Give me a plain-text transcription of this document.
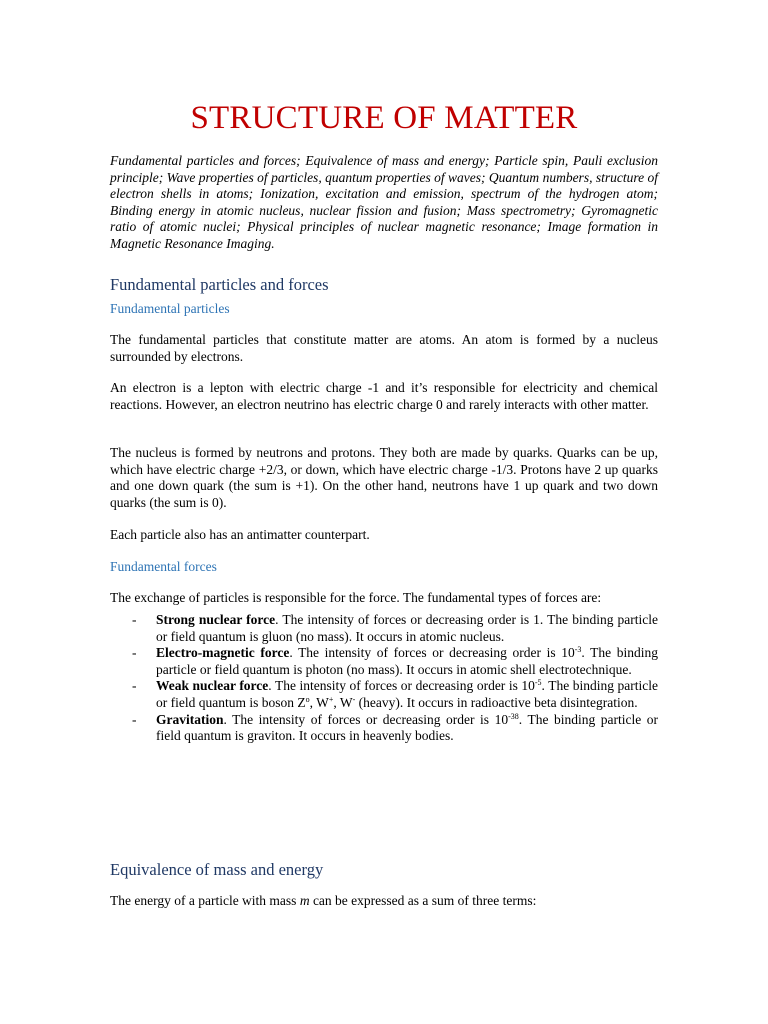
STRUCTURE OF MATTER
Fundamental particles and forces; Equivalence of mass and energy; Particle spin, Pauli exclusion principle; Wave properties of particles, quantum properties of waves; Quantum numbers, structure of electron shells in atoms; Ionization, excitation and emission, spectrum of the hydrogen atom; Binding energy in atomic nucleus, nuclear fission and fusion; Mass spectrometry; Gyromagnetic ratio of atomic nuclei; Physical principles of nuclear magnetic resonance; Image formation in Magnetic Resonance Imaging.
Fundamental particles and forces
Fundamental particles
The fundamental particles that constitute matter are atoms. An atom is formed by a nucleus surrounded by electrons.
An electron is a lepton with electric charge -1 and it’s responsible for electricity and chemical reactions. However, an electron neutrino has electric charge 0 and rarely interacts with other matter.
The nucleus is formed by neutrons and protons. They both are made by quarks. Quarks can be up, which have electric charge +2/3, or down, which have electric charge -1/3. Protons have 2 up quarks and one down quark (the sum is +1). On the other hand, neutrons have 1 up quark and two down quarks (the sum is 0).
Each particle also has an antimatter counterpart.
Fundamental forces
The exchange of particles is responsible for the force. The fundamental types of forces are:
- Strong nuclear force. The intensity of forces or decreasing order is 1. The binding particle or field quantum is gluon (no mass). It occurs in atomic nucleus.
- Electro-magnetic force. The intensity of forces or decreasing order is $10^{-3}$. The binding particle or field quantum is photon (no mass). It occurs in atomic shell electrotechnique.
- Weak nuclear force. The intensity of forces or decreasing order is $10^{-5}$. The binding particle or field quantum is boson $Z^o$, W+, W- (heavy). It occurs in radioactive beta disintegration.
- Gravitation. The intensity of forces or decreasing order is $10^{-38}$. The binding particle or field quantum is graviton. It occurs in heavenly bodies.
Equivalence of mass and energy
The energy of a particle with mass m can be expressed as a sum of three terms:
